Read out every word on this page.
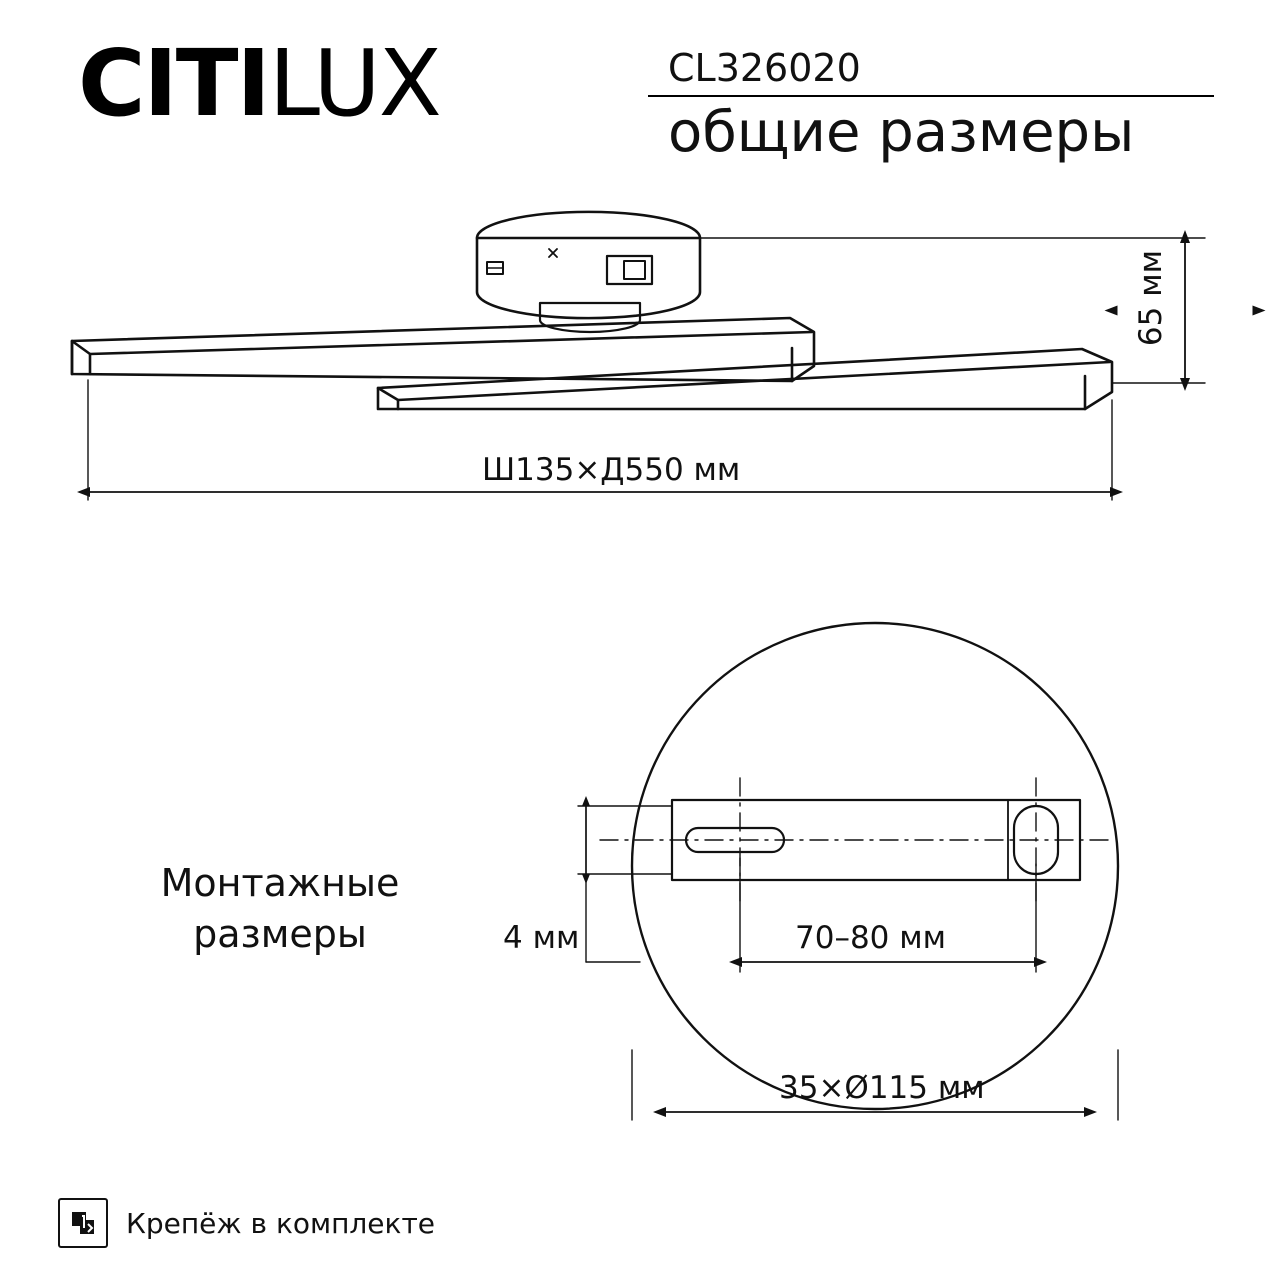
CITILUX	CL326020
общие размеры
Ш135×Д550 мм
65 мм
Монтажные размеры	4 мм	70–80 мм
35×Ø115 мм
Крепёж в комплекте
